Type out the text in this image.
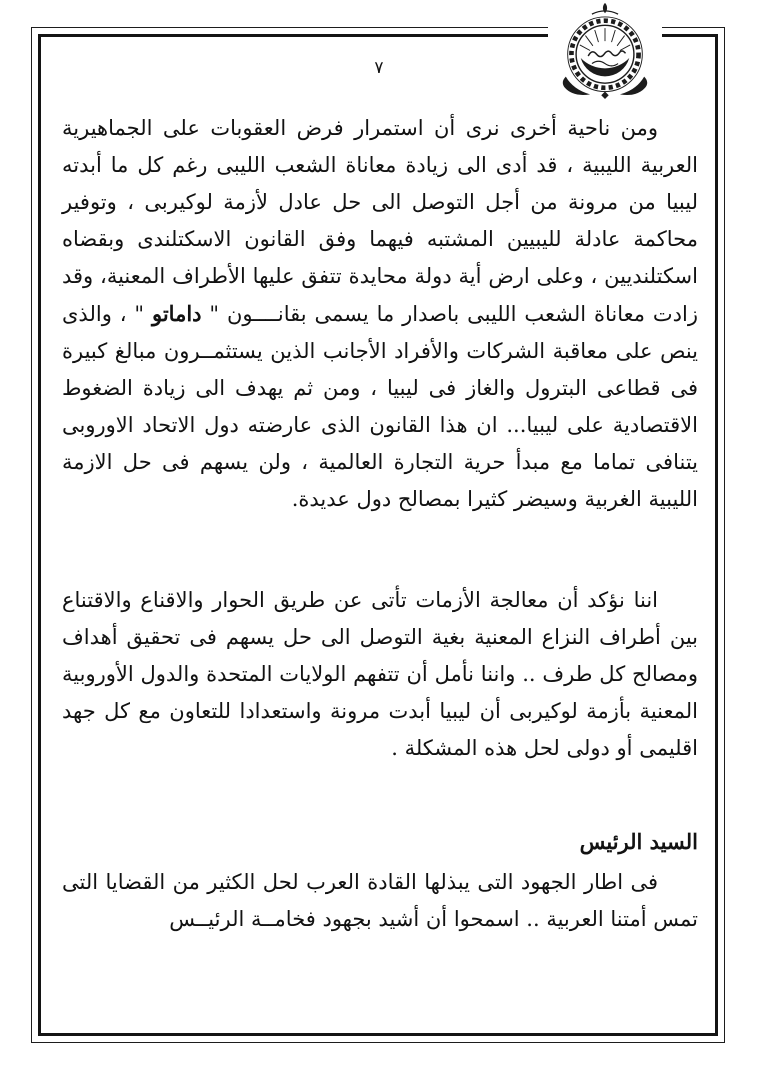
٧

ومن ناحية أخرى نرى أن استمرار فرض العقوبات على الجماهيرية العربية الليبية ، قد أدى الى زيادة معاناة الشعب الليبى رغم كل ما أبدته ليبيا من مرونة من أجل التوصل الى حل عادل لأزمة لوكيربى ، وتوفير محاكمة عادلة لليبيين المشتبه فيهما وفق القانون الاسكتلندى وبقضاه اسكتلنديين ، وعلى ارض أية دولة محايدة تتفق عليها الأطراف المعنية، وقد زادت معاناة الشعب الليبى باصدار ما يسمى بقانــــون " داماتو " ، والذى ينص على معاقبة الشركات والأفراد الأجانب الذين يستثمــرون مبالغ كبيرة فى قطاعى البترول والغاز فى ليبيا ، ومن ثم يهدف الى زيادة الضغوط الاقتصادية على ليبيا... ان هذا القانون الذى عارضته دول الاتحاد الاوروبى يتنافى تماما مع مبدأ حرية التجارة العالمية ، ولن يسهم فى حل الازمة الليبية الغربية وسيضر كثيرا بمصالح دول عديدة.

اننا نؤكد أن معالجة الأزمات تأتى عن طريق الحوار والاقناع والاقتناع بين أطراف النزاع المعنية بغية التوصل الى حل يسهم فى تحقيق أهداف ومصالح كل طرف .. واننا نأمل أن تتفهم الولايات المتحدة والدول الأوروبية المعنية بأزمة لوكيربى أن ليبيا أبدت مرونة واستعدادا للتعاون مع كل جهد اقليمى أو دولى لحل هذه المشكلة .

السيد الرئيس

فى اطار الجهود التى يبذلها القادة العرب لحل الكثير من القضايا التى تمس أمتنا العربية .. اسمحوا أن أشيد بجهود فخامــة الرئيــس
